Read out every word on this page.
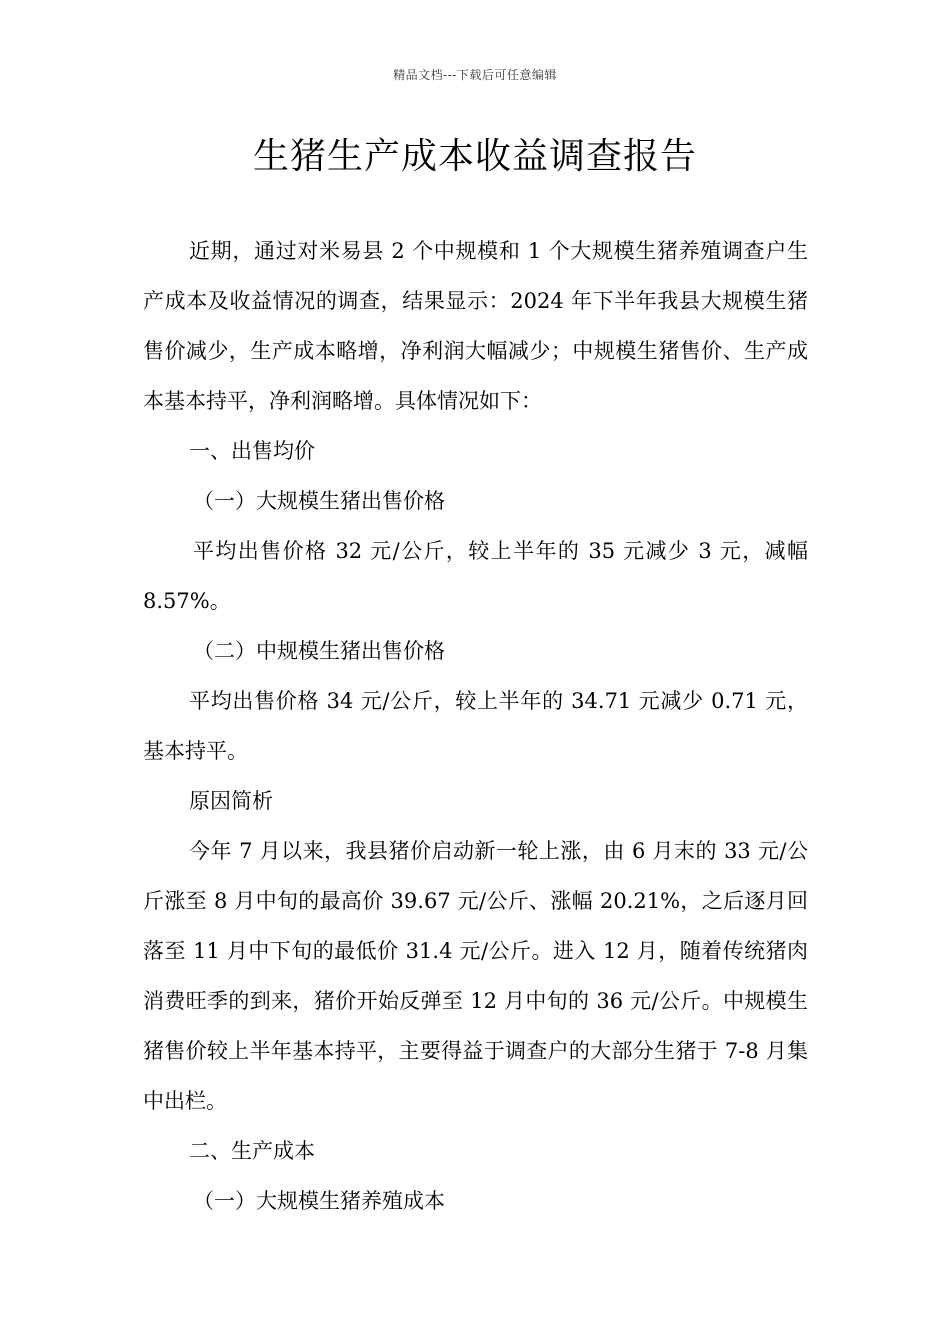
精品文档---下载后可任意编辑
生猪生产成本收益调查报告

近期，通过对米易县 2 个中规模和 1 个大规模生猪养殖调查户生产成本及收益情况的调查，结果显示：2024 年下半年我县大规模生猪售价减少，生产成本略增，净利润大幅减少；中规模生猪售价、生产成本基本持平，净利润略增。具体情况如下：

一、出售均价

（一）大规模生猪出售价格

平均出售价格 32 元/公斤，较上半年的 35 元减少 3 元，减幅 8.57%。

（二）中规模生猪出售价格

平均出售价格 34 元/公斤，较上半年的 34.71 元减少 0.71 元，基本持平。

原因简析

今年 7 月以来，我县猪价启动新一轮上涨，由 6 月末的 33 元/公斤涨至 8 月中旬的最高价 39.67 元/公斤、涨幅 20.21%，之后逐月回落至 11 月中下旬的最低价 31.4 元/公斤。进入 12 月，随着传统猪肉消费旺季的到来，猪价开始反弹至 12 月中旬的 36 元/公斤。中规模生猪售价较上半年基本持平，主要得益于调查户的大部分生猪于 7-8 月集中出栏。

二、生产成本

（一）大规模生猪养殖成本
